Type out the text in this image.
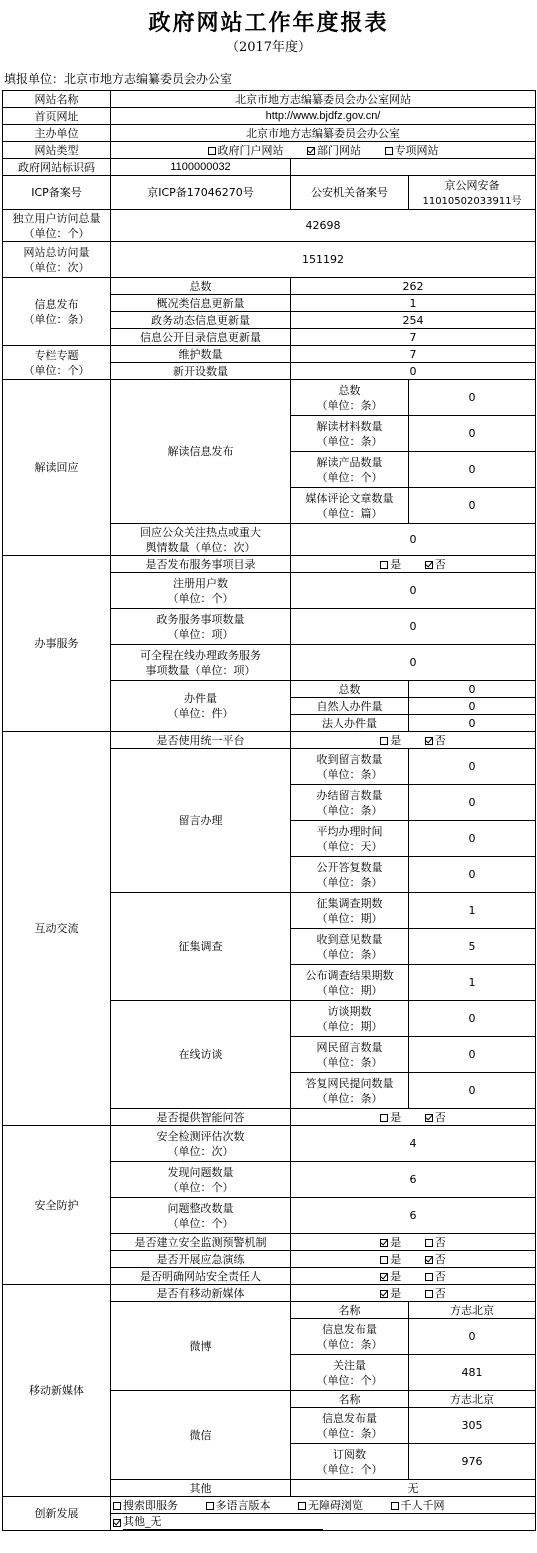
政府网站工作年度报表
（2017年度）
填报单位：北京市地方志编纂委员会办公室
网站名称	北京市地方志编纂委员会办公室网站		
首页网址	http://www.bjdfz.gov.cn/		
主办单位	北京市地方志编纂委员会办公室		
网站类型	政府门户网站 部门网站 专项网站		
政府网站标识码	1100000032		
ICP备案号	京ICP备17046270号	公安机关备案号	京公网安备
11010502033911号
独立用户访问总量
（单位：个）	42698		
网站总访问量
（单位：次）	151192		
信息发布
（单位：条）	总数	262	
	概况类信息更新量	1	
	政务动态信息更新量	254	
	信息公开目录信息更新量	7	
专栏专题
（单位：个）	维护数量	7	
	新开设数量	0	
解读回应	解读信息发布	总数
（单位：条）	0
		解读材料数量
（单位：条）	0
		解读产品数量
（单位：个）	0
		媒体评论文章数量
（单位：篇）	0
	回应公众关注热点或重大
舆情数量（单位：次）	0	
办事服务	是否发布服务事项目录	是 否	
	注册用户数
（单位：个）	0	
	政务服务事项数量
（单位：项）	0	
	可全程在线办理政务服务
事项数量（单位：项）	0	
	办件量
（单位：件）	总数	0
		自然人办件量	0
		法人办件量	0
互动交流	是否使用统一平台	是 否	
	留言办理	收到留言数量
（单位：条）	0
		办结留言数量
（单位：条）	0
		平均办理时间
（单位：天）	0
		公开答复数量
（单位：条）	0
	征集调查	征集调查期数
（单位：期）	1
		收到意见数量
（单位：条）	5
		公布调查结果期数
（单位：期）	1
	在线访谈	访谈期数
（单位：期）	0
		网民留言数量
（单位：条）	0
		答复网民提问数量
（单位：条）	0
	是否提供智能问答	是 否	
安全防护	安全检测评估次数
（单位：次）	4	
	发现问题数量
（单位：个）	6	
	问题整改数量
（单位：个）	6	
	是否建立安全监测预警机制	是 否	
	是否开展应急演练	是 否	
	是否明确网站安全责任人	是 否	
移动新媒体	是否有移动新媒体	是 否	
	微博	名称	方志北京
		信息发布量
（单位：条）	0
		关注量
（单位：个）	481
	微信	名称	方志北京
		信息发布量
（单位：条）	305
		订阅数
（单位：个）	976
	其他	无	
创新发展	搜索即服务 多语言版本 无障碍浏览 千人千网		
	其他_无		
